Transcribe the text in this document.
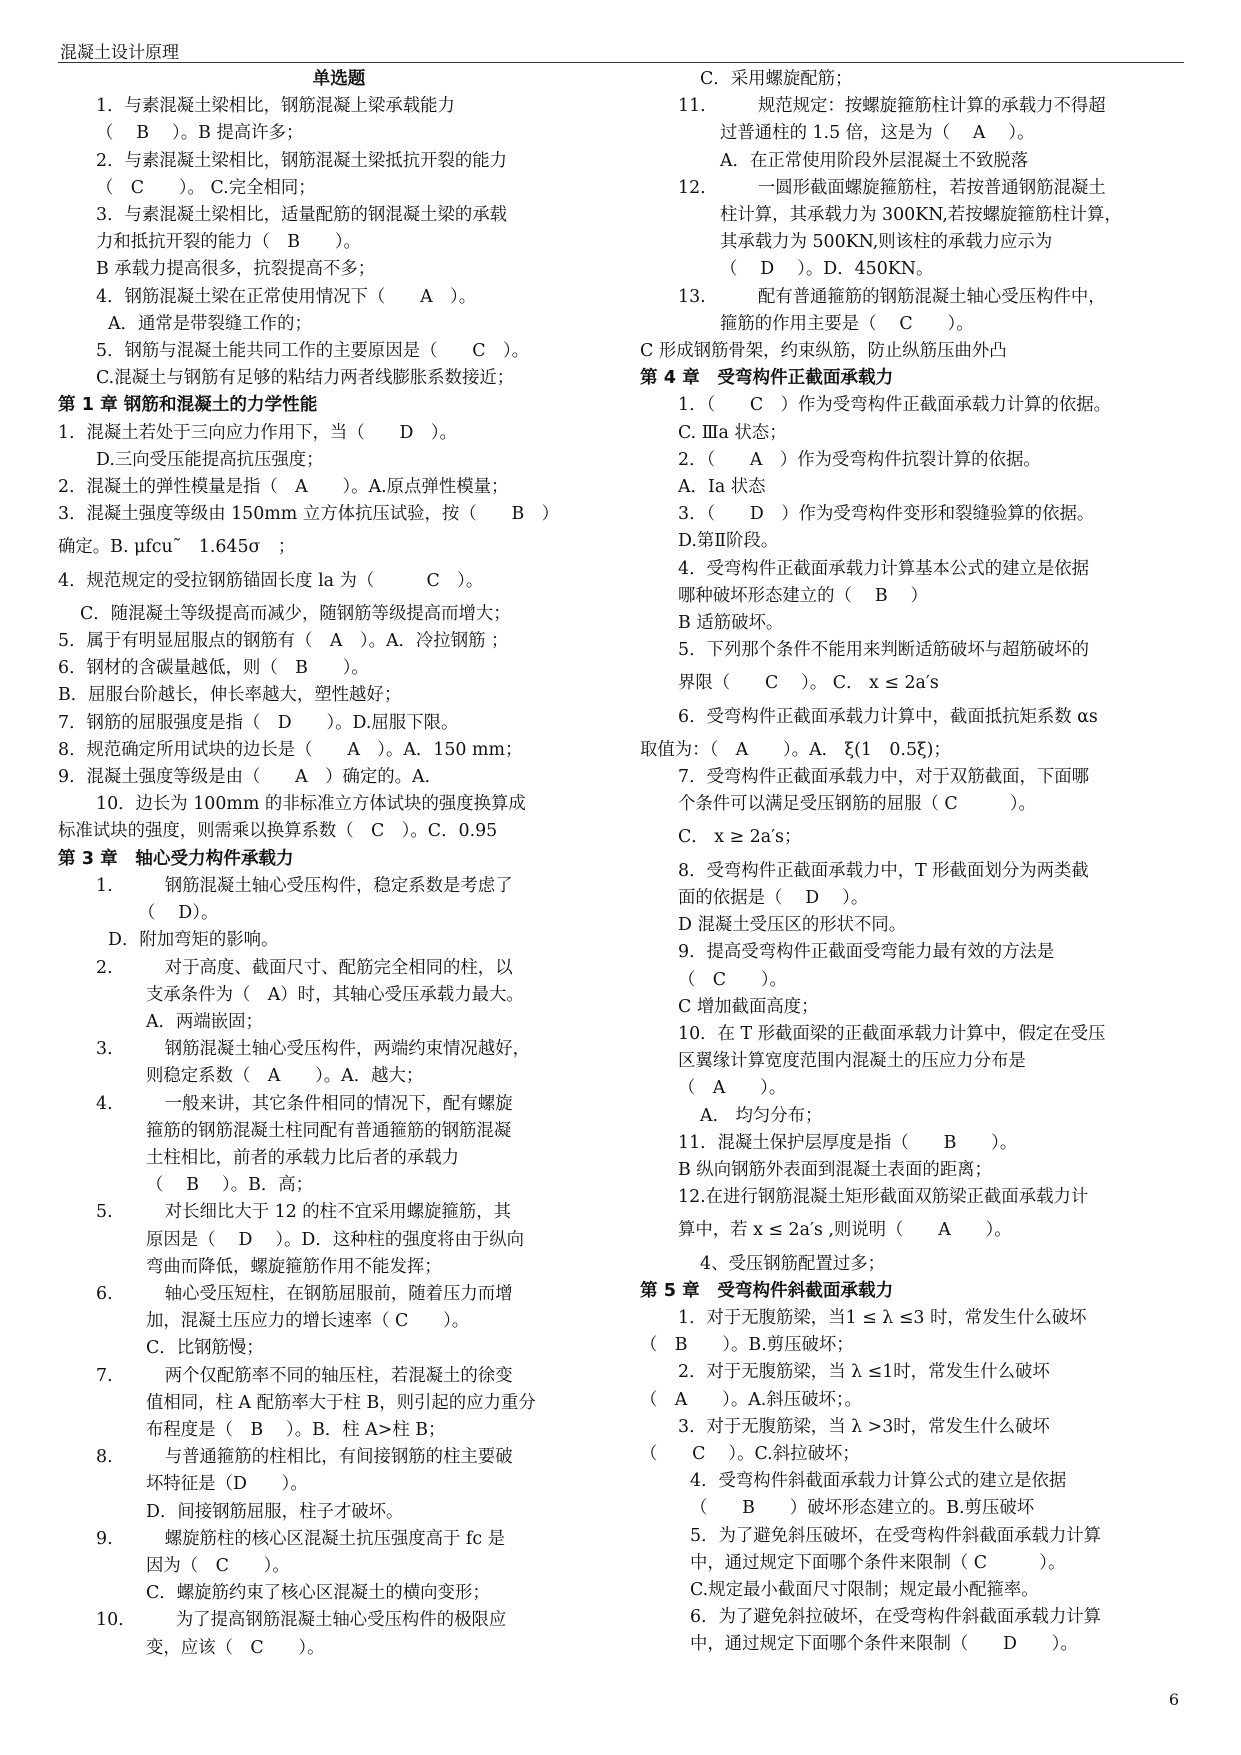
混凝土设计原理
单选题
1．与素混凝土梁相比，钢筋混凝上梁承载能力
（　 B　 ）。B 提高许多；
2．与素混凝土梁相比，钢筋混凝土梁抵抗开裂的能力
（　C　　）。 C.完全相同；
3．与素混凝土梁相比，适量配筋的钢混凝土梁的承载
力和抵抗开裂的能力（　B　　）。
B 承载力提高很多，抗裂提高不多；
4．钢筋混凝土梁在正常使用情况下（　　A　）。
A．通常是带裂缝工作的；
5．钢筋与混凝土能共同工作的主要原因是（　　C　）。
C.混凝土与钢筋有足够的粘结力两者线膨胀系数接近；
第 1 章 钢筋和混凝土的力学性能
1．混凝土若处于三向应力作用下，当（　　D　）。
D.三向受压能提高抗压强度；
2．混凝土的弹性模量是指（　A　　）。A.原点弹性模量；
3．混凝土强度等级由 150mm 立方体抗压试验，按（　　B　）
确定。B. μfcu˜　1.645σ　；
4．规范规定的受拉钢筋锚固长度 la 为（　　　C　）。
C．随混凝土等级提高而减少，随钢筋等级提高而增大；
5．属于有明显屈服点的钢筋有（　A　）。A．冷拉钢筋 ；
6．钢材的含碳量越低，则（　B　　）。
B．屈服台阶越长，伸长率越大，塑性越好；
7．钢筋的屈服强度是指（　D　　）。D.屈服下限。
8．规范确定所用试块的边长是（　　A　）。A．150 mm；
9．混凝土强度等级是由（　　A　）确定的。A．
10．边长为 100mm 的非标准立方体试块的强度换算成
标准试块的强度，则需乘以换算系数（　C　）。C．0.95
第 3 章　轴心受力构件承载力
1.　　　钢筋混凝土轴心受压构件，稳定系数是考虑了
（　 D）。
D．附加弯矩的影响。
2.　　　对于高度、截面尺寸、配筋完全相同的柱，以
支承条件为（　A）时，其轴心受压承载力最大。
A．两端嵌固；
3.　　　钢筋混凝土轴心受压构件，两端约束情况越好，
则稳定系数（　A　　）。A．越大；
4.　　　一般来讲，其它条件相同的情况下，配有螺旋
箍筋的钢筋混凝土柱同配有普通箍筋的钢筋混凝
土柱相比，前者的承载力比后者的承载力
（　 B　 ）。B．高；
5.　　　对长细比大于 12 的柱不宜采用螺旋箍筋，其
原因是（　 D　 ）。D．这种柱的强度将由于纵向
弯曲而降低，螺旋箍筋作用不能发挥；
6.　　　轴心受压短柱，在钢筋屈服前，随着压力而增
加，混凝土压应力的增长速率（ C　　）。
C．比钢筋慢；
7.　　　两个仅配筋率不同的轴压柱，若混凝土的徐变
值相同，柱 A 配筋率大于柱 B，则引起的应力重分
布程度是（　B　 ）。B．柱 A>柱 B；
8.　　　与普通箍筋的柱相比，有间接钢筋的柱主要破
坏特征是（D　　）。
D．间接钢筋屈服，柱子才破坏。
9.　　　螺旋筋柱的核心区混凝土抗压强度高于 fc 是
因为（　C　　）。
C．螺旋筋约束了核心区混凝土的横向变形；
10.　　　为了提高钢筋混凝土轴心受压构件的极限应
变，应该（　C　　）。
C．采用螺旋配筋；
11.　　　规范规定：按螺旋箍筋柱计算的承载力不得超
过普通柱的 1.5 倍，这是为（　 A　 ）。
A．在正常使用阶段外层混凝土不致脱落
12.　　　一圆形截面螺旋箍筋柱，若按普通钢筋混凝土
柱计算，其承载力为 300KN,若按螺旋箍筋柱计算，
其承载力为 500KN,则该柱的承载力应示为
（　 D　 ）。D．450KN。
13.　　　配有普通箍筋的钢筋混凝土轴心受压构件中，
箍筋的作用主要是（　 C　　）。
C 形成钢筋骨架，约束纵筋，防止纵筋压曲外凸
第 4 章　受弯构件正截面承载力
1．（　　C　）作为受弯构件正截面承载力计算的依据。
C. Ⅲa 状态；
2．（　　A　）作为受弯构件抗裂计算的依据。
A．Ⅰa 状态
3．（　　D　）作为受弯构件变形和裂缝验算的依据。
D.第Ⅱ阶段。
4．受弯构件正截面承载力计算基本公式的建立是依据
哪种破坏形态建立的（　 B　 ）
B 适筋破坏。
5．下列那个条件不能用来判断适筋破坏与超筋破坏的
界限（　　C　 ）。 C． x ≤ 2a′s
6．受弯构件正截面承载力计算中，截面抵抗矩系数 αs
取值为：（　A　　）。A． ξ(1　0.5ξ)；
7．受弯构件正截面承载力中，对于双筋截面，下面哪
个条件可以满足受压钢筋的屈服（ C　　　）。
C． x ≥ 2a′s；
8．受弯构件正截面承载力中，T 形截面划分为两类截
面的依据是（　 D　 ）。
D 混凝土受压区的形状不同。
9．提高受弯构件正截面受弯能力最有效的方法是
（　C　　）。
C 增加截面高度；
10．在 T 形截面梁的正截面承载力计算中，假定在受压
区翼缘计算宽度范围内混凝土的压应力分布是
（　A　　）。
A.　均匀分布；
11．混凝土保护层厚度是指（　　B　　）。
B 纵向钢筋外表面到混凝土表面的距离；
12.在进行钢筋混凝土矩形截面双筋梁正截面承载力计
算中，若 x ≤ 2a′s ,则说明（　　A　　）。
4、受压钢筋配置过多；
第 5 章　受弯构件斜截面承载力
1．对于无腹筋梁，当1 ≤ λ ≤3 时，常发生什么破坏
（　B　　）。B.剪压破坏；
2．对于无腹筋梁，当 λ ≤1时，常发生什么破坏
（　A　　）。A.斜压破坏；。
3．对于无腹筋梁，当 λ >3时，常发生什么破坏
（　　C　 ）。C.斜拉破坏；
4．受弯构件斜截面承载力计算公式的建立是依据
（　　B　　）破坏形态建立的。B.剪压破坏
5．为了避免斜压破坏，在受弯构件斜截面承载力计算
中，通过规定下面哪个条件来限制（ C　　　）。
C.规定最小截面尺寸限制；规定最小配箍率。
6．为了避免斜拉破坏，在受弯构件斜截面承载力计算
中，通过规定下面哪个条件来限制（　　D　　）。
6
